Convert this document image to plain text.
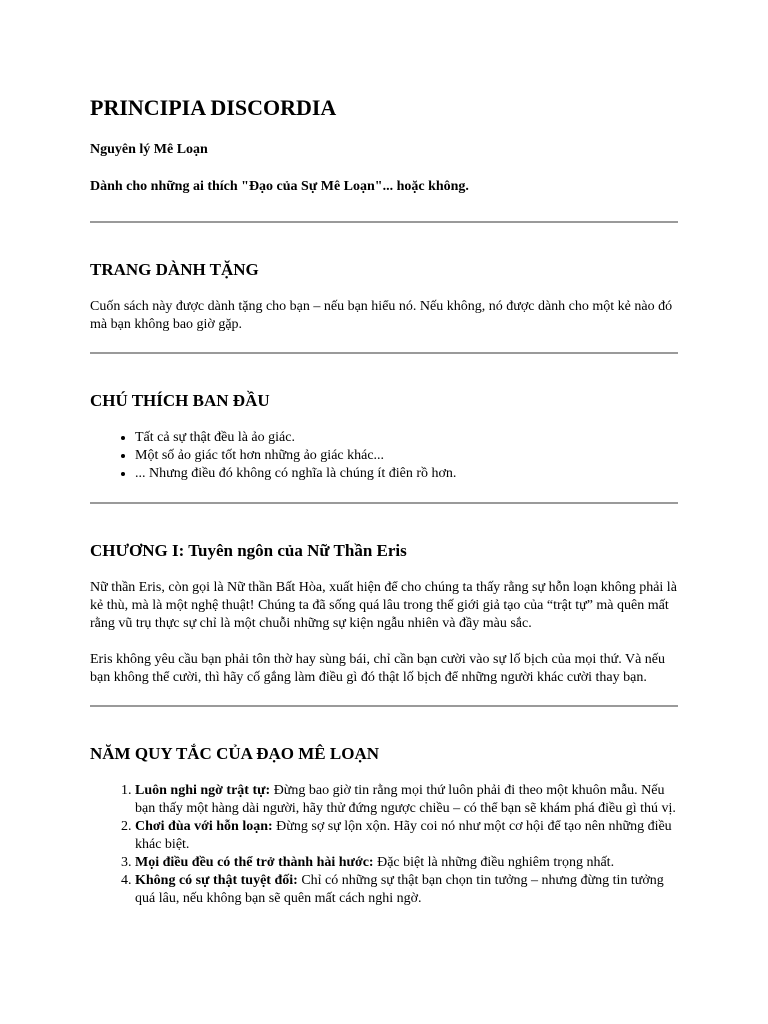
PRINCIPIA DISCORDIA
Nguyên lý Mê Loạn
Dành cho những ai thích "Đạo của Sự Mê Loạn"... hoặc không.
TRANG DÀNH TẶNG

Cuốn sách này được dành tặng cho bạn – nếu bạn hiểu nó. Nếu không, nó được dành cho một kẻ nào đó mà bạn không bao giờ gặp.

CHÚ THÍCH BAN ĐẦU
• Tất cả sự thật đều là ảo giác.
• Một số ảo giác tốt hơn những ảo giác khác...
• ... Nhưng điều đó không có nghĩa là chúng ít điên rồ hơn.
CHƯƠNG I: Tuyên ngôn của Nữ Thần Eris

Nữ thần Eris, còn gọi là Nữ thần Bất Hòa, xuất hiện để cho chúng ta thấy rằng sự hỗn loạn không phải là kẻ thù, mà là một nghệ thuật! Chúng ta đã sống quá lâu trong thế giới giả tạo của “trật tự” mà quên mất rằng vũ trụ thực sự chỉ là một chuỗi những sự kiện ngẫu nhiên và đầy màu sắc.

Eris không yêu cầu bạn phải tôn thờ hay sùng bái, chỉ cần bạn cười vào sự lố bịch của mọi thứ. Và nếu bạn không thể cười, thì hãy cố gắng làm điều gì đó thật lố bịch để những người khác cười thay bạn.

NĂM QUY TẮC CỦA ĐẠO MÊ LOẠN
1. Luôn nghi ngờ trật tự: Đừng bao giờ tin rằng mọi thứ luôn phải đi theo một khuôn mẫu. Nếu bạn thấy một hàng dài người, hãy thử đứng ngược chiều – có thể bạn sẽ khám phá điều gì thú vị.
2. Chơi đùa với hỗn loạn: Đừng sợ sự lộn xộn. Hãy coi nó như một cơ hội để tạo nên những điều khác biệt.
3. Mọi điều đều có thể trở thành hài hước: Đặc biệt là những điều nghiêm trọng nhất.
4. Không có sự thật tuyệt đối: Chỉ có những sự thật bạn chọn tin tưởng – nhưng đừng tin tưởng quá lâu, nếu không bạn sẽ quên mất cách nghi ngờ.
